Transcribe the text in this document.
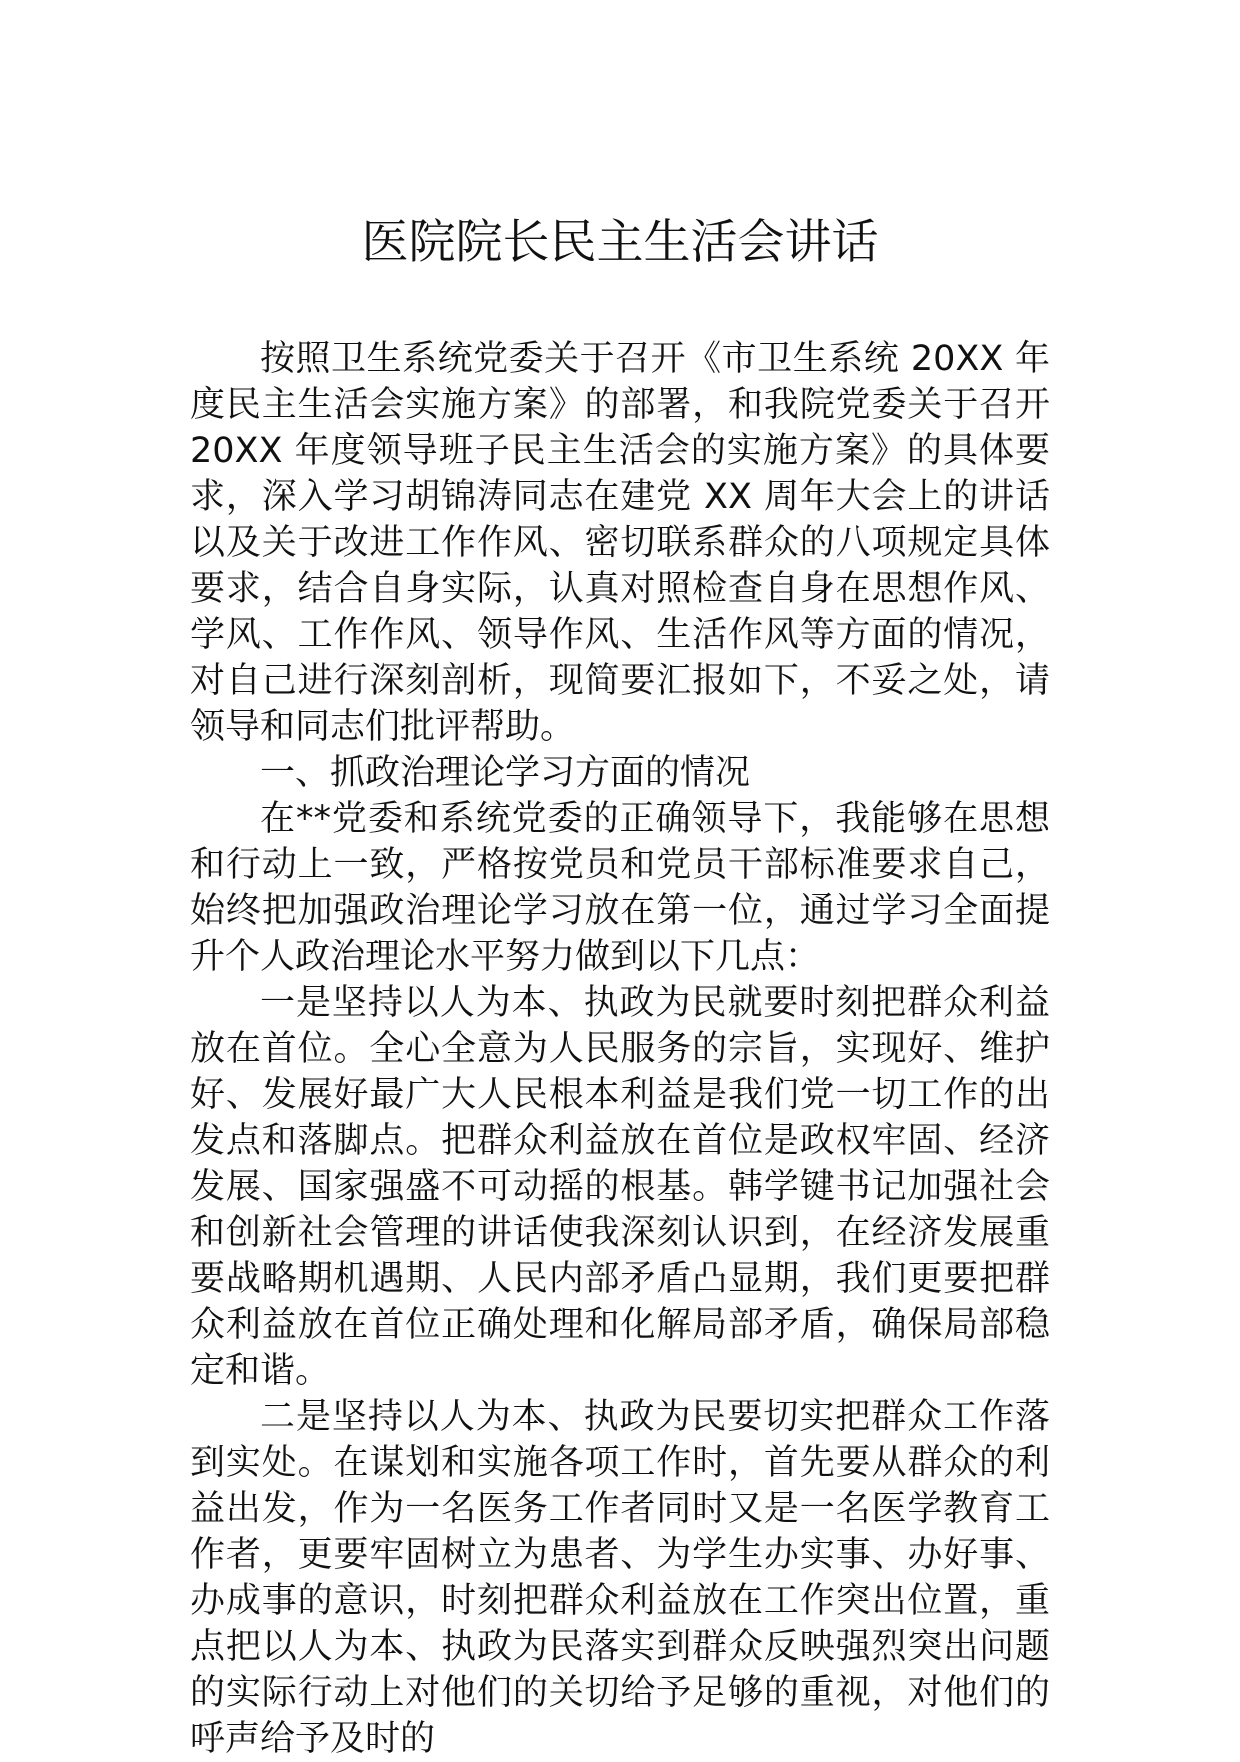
医院院长民主生活会讲话

按照卫生系统党委关于召开《市卫生系统 20XX 年度民主生活会实施方案》的部署，和我院党委关于召开 20XX 年度领导班子民主生活会的实施方案》的具体要求，深入学习胡锦涛同志在建党 XX 周年大会上的讲话以及关于改进工作作风、密切联系群众的八项规定具体要求，结合自身实际，认真对照检查自身在思想作风、学风、工作作风、领导作风、生活作风等方面的情况，对自己进行深刻剖析，现简要汇报如下，不妥之处，请领导和同志们批评帮助。

一、抓政治理论学习方面的情况

在**党委和系统党委的正确领导下，我能够在思想和行动上一致，严格按党员和党员干部标准要求自己，始终把加强政治理论学习放在第一位，通过学习全面提升个人政治理论水平努力做到以下几点：

一是坚持以人为本、执政为民就要时刻把群众利益放在首位。全心全意为人民服务的宗旨，实现好、维护好、发展好最广大人民根本利益是我们党一切工作的出发点和落脚点。把群众利益放在首位是政权牢固、经济发展、国家强盛不可动摇的根基。韩学键书记加强社会和创新社会管理的讲话使我深刻认识到，在经济发展重要战略期机遇期、人民内部矛盾凸显期，我们更要把群众利益放在首位正确处理和化解局部矛盾，确保局部稳定和谐。

二是坚持以人为本、执政为民要切实把群众工作落到实处。在谋划和实施各项工作时，首先要从群众的利益出发，作为一名医务工作者同时又是一名医学教育工作者，更要牢固树立为患者、为学生办实事、办好事、办成事的意识，时刻把群众利益放在工作突出位置，重点把以人为本、执政为民落实到群众反映强烈突出问题的实际行动上对他们的关切给予足够的重视，对他们的呼声给予及时的
